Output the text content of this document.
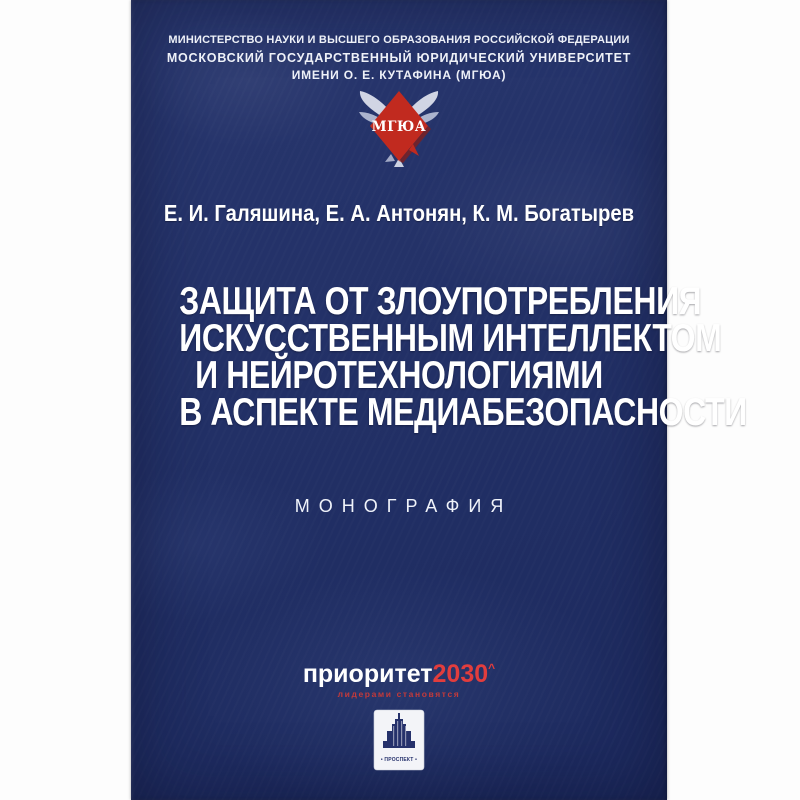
МИНИСТЕРСТВО НАУКИ И ВЫСШЕГО ОБРАЗОВАНИЯ РОССИЙСКОЙ ФЕДЕРАЦИИ
МОСКОВСКИЙ ГОСУДАРСТВЕННЫЙ ЮРИДИЧЕСКИЙ УНИВЕРСИТЕТ
ИМЕНИ О. Е. КУТАФИНА (МГЮА)
МГЮА
Е. И. Галяшина, Е. А. Антонян, К. М. Богатырев
ЗАЩИТА ОТ ЗЛОУПОТРЕБЛЕНИЯ
ИСКУССТВЕННЫМ ИНТЕЛЛЕКТОМ
И НЕЙРОТЕХНОЛОГИЯМИ
В АСПЕКТЕ МЕДИАБЕЗОПАСНОСТИ
МОНОГРАФИЯ
приоритет2030^
лидерами становятся
• ПРОСПЕКТ •
